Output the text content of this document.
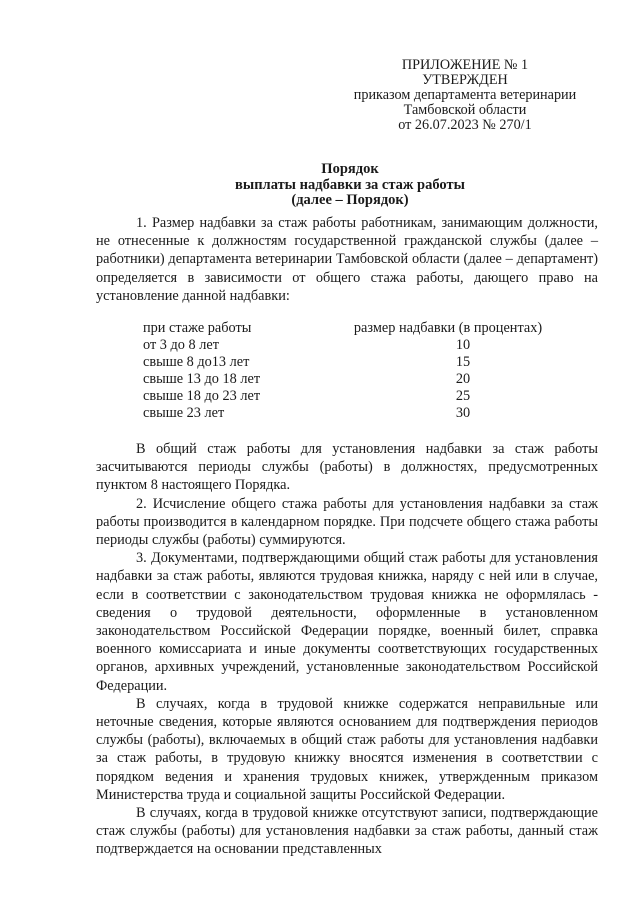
ПРИЛОЖЕНИЕ № 1
УТВЕРЖДЕН
приказом департамента ветеринарии
Тамбовской области
от 26.07.2023 № 270/1
Порядок
выплаты надбавки за стаж работы
(далее – Порядок)

1. Размер надбавки за стаж работы работникам, занимающим должности, не отнесенные к должностям государственной гражданской службы (далее – работники) департамента ветеринарии Тамбовской области (далее – департамент) определяется в зависимости от общего стажа работы, дающего право на установление данной надбавки:

при стаже работы	размер надбавки (в процентах)
от 3 до 8 лет	10
свыше 8 до13 лет	15
свыше 13 до 18 лет	20
свыше 18 до 23 лет	25
свыше 23 лет	30

В общий стаж работы для установления надбавки за стаж работы засчитываются периоды службы (работы) в должностях, предусмотренных пунктом 8 настоящего Порядка.

2. Исчисление общего стажа работы для установления надбавки за стаж работы производится в календарном порядке. При подсчете общего стажа работы периоды службы (работы) суммируются.

3. Документами, подтверждающими общий стаж работы для установления надбавки за стаж работы, являются трудовая книжка, наряду с ней или в случае, если в соответствии с законодательством трудовая книжка не оформлялась - сведения о трудовой деятельности, оформленные в установленном законодательством Российской Федерации порядке, военный билет, справка военного комиссариата и иные документы соответствующих государственных органов, архивных учреждений, установленные законодательством Российской Федерации.

В случаях, когда в трудовой книжке содержатся неправильные или неточные сведения, которые являются основанием для подтверждения периодов службы (работы), включаемых в общий стаж работы для установления надбавки за стаж работы, в трудовую книжку вносятся изменения в соответствии с порядком ведения и хранения трудовых книжек, утвержденным приказом Министерства труда и социальной защиты Российской Федерации.

В случаях, когда в трудовой книжке отсутствуют записи, подтверждающие стаж службы (работы) для установления надбавки за стаж работы, данный стаж подтверждается на основании представленных
